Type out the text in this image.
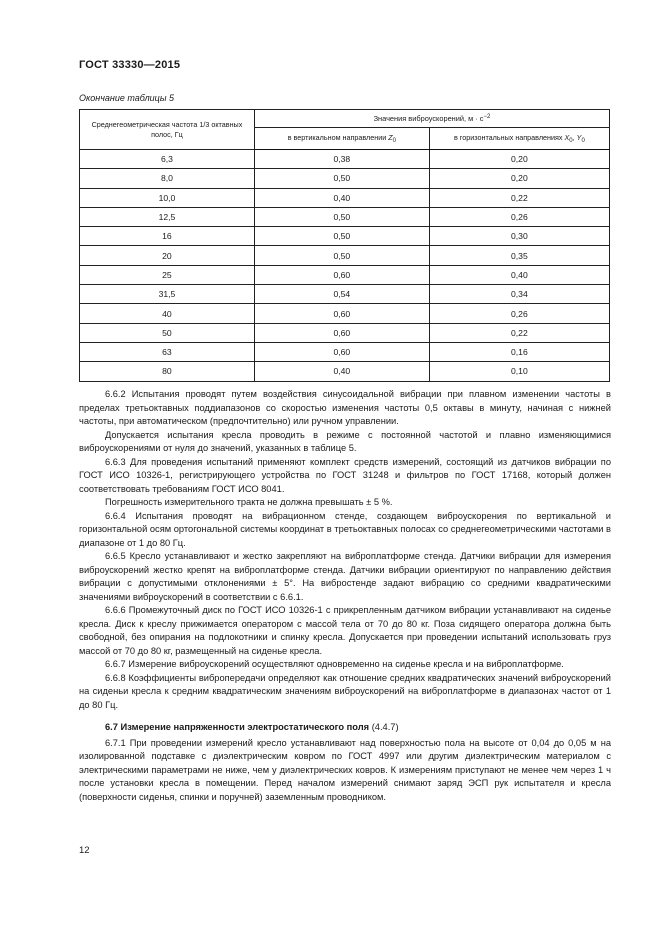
ГОСТ 33330—2015
Окончание таблицы 5
Среднегеометрическая частота 1/3 октавных полос, Гц	Значения виброускорений, $м \cdot с^{-2}$
	в вертикальном направлении $Z_0$	в горизонтальных направлениях $X_0$, $Y_0$
6,3	0,38	0,20
8,0	0,50	0,20
10,0	0,40	0,22
12,5	0,50	0,26
16	0,50	0,30
20	0,50	0,35
25	0,60	0,40
31,5	0,54	0,34
40	0,60	0,26
50	0,60	0,22
63	0,60	0,16
80	0,40	0,10

6.6.2 Испытания проводят путем воздействия синусоидальной вибрации при плавном изменении частоты в пределах третьоктавных поддиапазонов со скоростью изменения частоты 0,5 октавы в минуту, начиная с нижней частоты, при автоматическом (предпочтительно) или ручном управлении.

Допускается испытания кресла проводить в режиме с постоянной частотой и плавно изменяющимися виброускорениями от нуля до значений, указанных в таблице 5.

6.6.3 Для проведения испытаний применяют комплект средств измерений, состоящий из датчиков вибрации по ГОСТ ИСО 10326-1, регистрирующего устройства по ГОСТ 31248 и фильтров по ГОСТ 17168, который должен соответствовать требованиям ГОСТ ИСО 8041.

Погрешность измерительного тракта не должна превышать ± 5 %.

6.6.4 Испытания проводят на вибрационном стенде, создающем виброускорения по вертикальной и горизонтальной осям ортогональной системы координат в третьоктавных полосах со среднегеометрическими частотами в диапазоне от 1 до 80 Гц.

6.6.5 Кресло устанавливают и жестко закрепляют на виброплатформе стенда. Датчики вибрации для измерения виброускорений жестко крепят на виброплатформе стенда. Датчики вибрации ориентируют по направлению действия вибрации с допустимыми отклонениями ± 5°. На вибростенде задают вибрацию со средними квадратическими значениями виброускорений в соответствии с 6.6.1.

6.6.6 Промежуточный диск по ГОСТ ИСО 10326-1 с прикрепленным датчиком вибрации устанавливают на сиденье кресла. Диск к креслу прижимается оператором с массой тела от 70 до 80 кг. Поза сидящего оператора должна быть свободной, без опирания на подлокотники и спинку кресла. Допускается при проведении испытаний использовать груз массой от 70 до 80 кг, размещенный на сиденье кресла.

6.6.7 Измерение виброускорений осуществляют одновременно на сиденье кресла и на виброплатформе.

6.6.8 Коэффициенты вибропередачи определяют как отношение средних квадратических значений виброускорений на сиденьи кресла к средним квадратическим значениям виброускорений на виброплатформе в диапазонах частот от 1 до 80 Гц.

6.7 Измерение напряженности электростатического поля (4.4.7)

6.7.1 При проведении измерений кресло устанавливают над поверхностью пола на высоте от 0,04 до 0,05 м на изолированной подставке с диэлектрическим ковром по ГОСТ 4997 или другим диэлектрическим материалом с электрическими параметрами не ниже, чем у диэлектрических ковров. К измерениям приступают не менее чем через 1 ч после установки кресла в помещении. Перед началом измерений снимают заряд ЭСП рук испытателя и кресла (поверхности сиденья, спинки и поручней) заземленным проводником.

12
